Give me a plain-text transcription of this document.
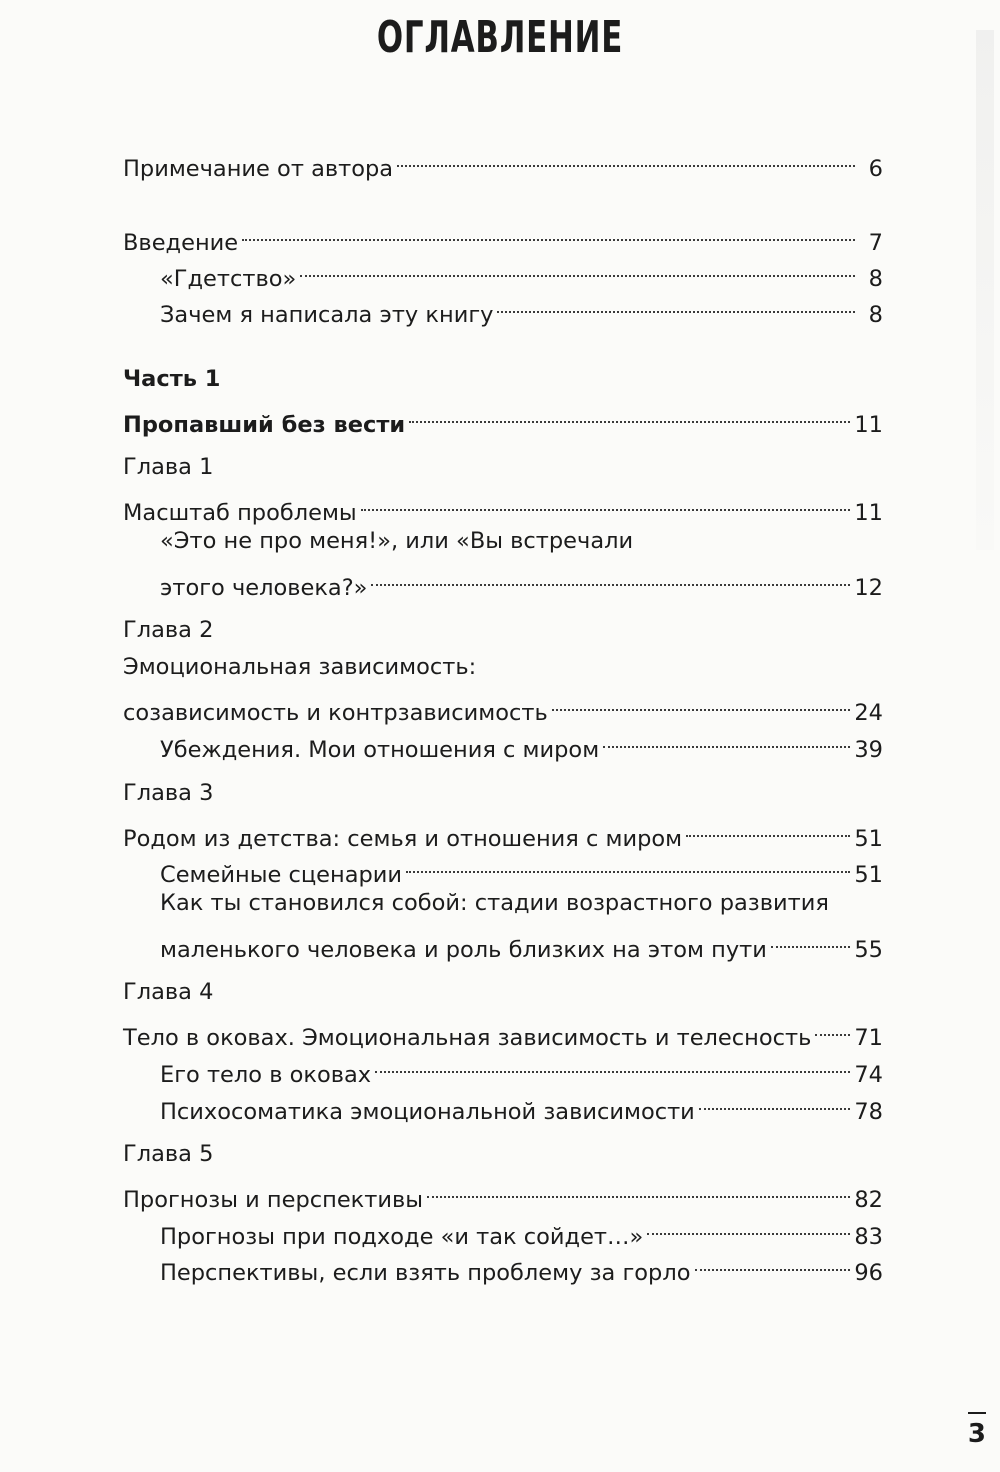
ОГЛАВЛЕНИЕ
Примечание от автора	6
Введение	7
«Гдетство»	8
Зачем я написала эту книгу	8
Часть 1
Пропавший без вести	11
Глава 1
Масштаб проблемы	11
«Это не про меня!», или «Вы встречали
этого человека?»	12
Глава 2
Эмоциональная зависимость:
созависимость и контрзависимость	24
Убеждения. Мои отношения с миром	39
Глава 3
Родом из детства: семья и отношения с миром	51
Семейные сценарии	51
Как ты становился собой: стадии возрастного развития
маленького человека и роль близких на этом пути	55
Глава 4
Тело в оковах. Эмоциональная зависимость и телесность 71
Его тело в оковах	74
Психосоматика эмоциональной зависимости	78
Глава 5
Прогнозы и перспективы	82
Прогнозы при подходе «и так сойдет…»	83
Перспективы, если взять проблему за горло	96
3
